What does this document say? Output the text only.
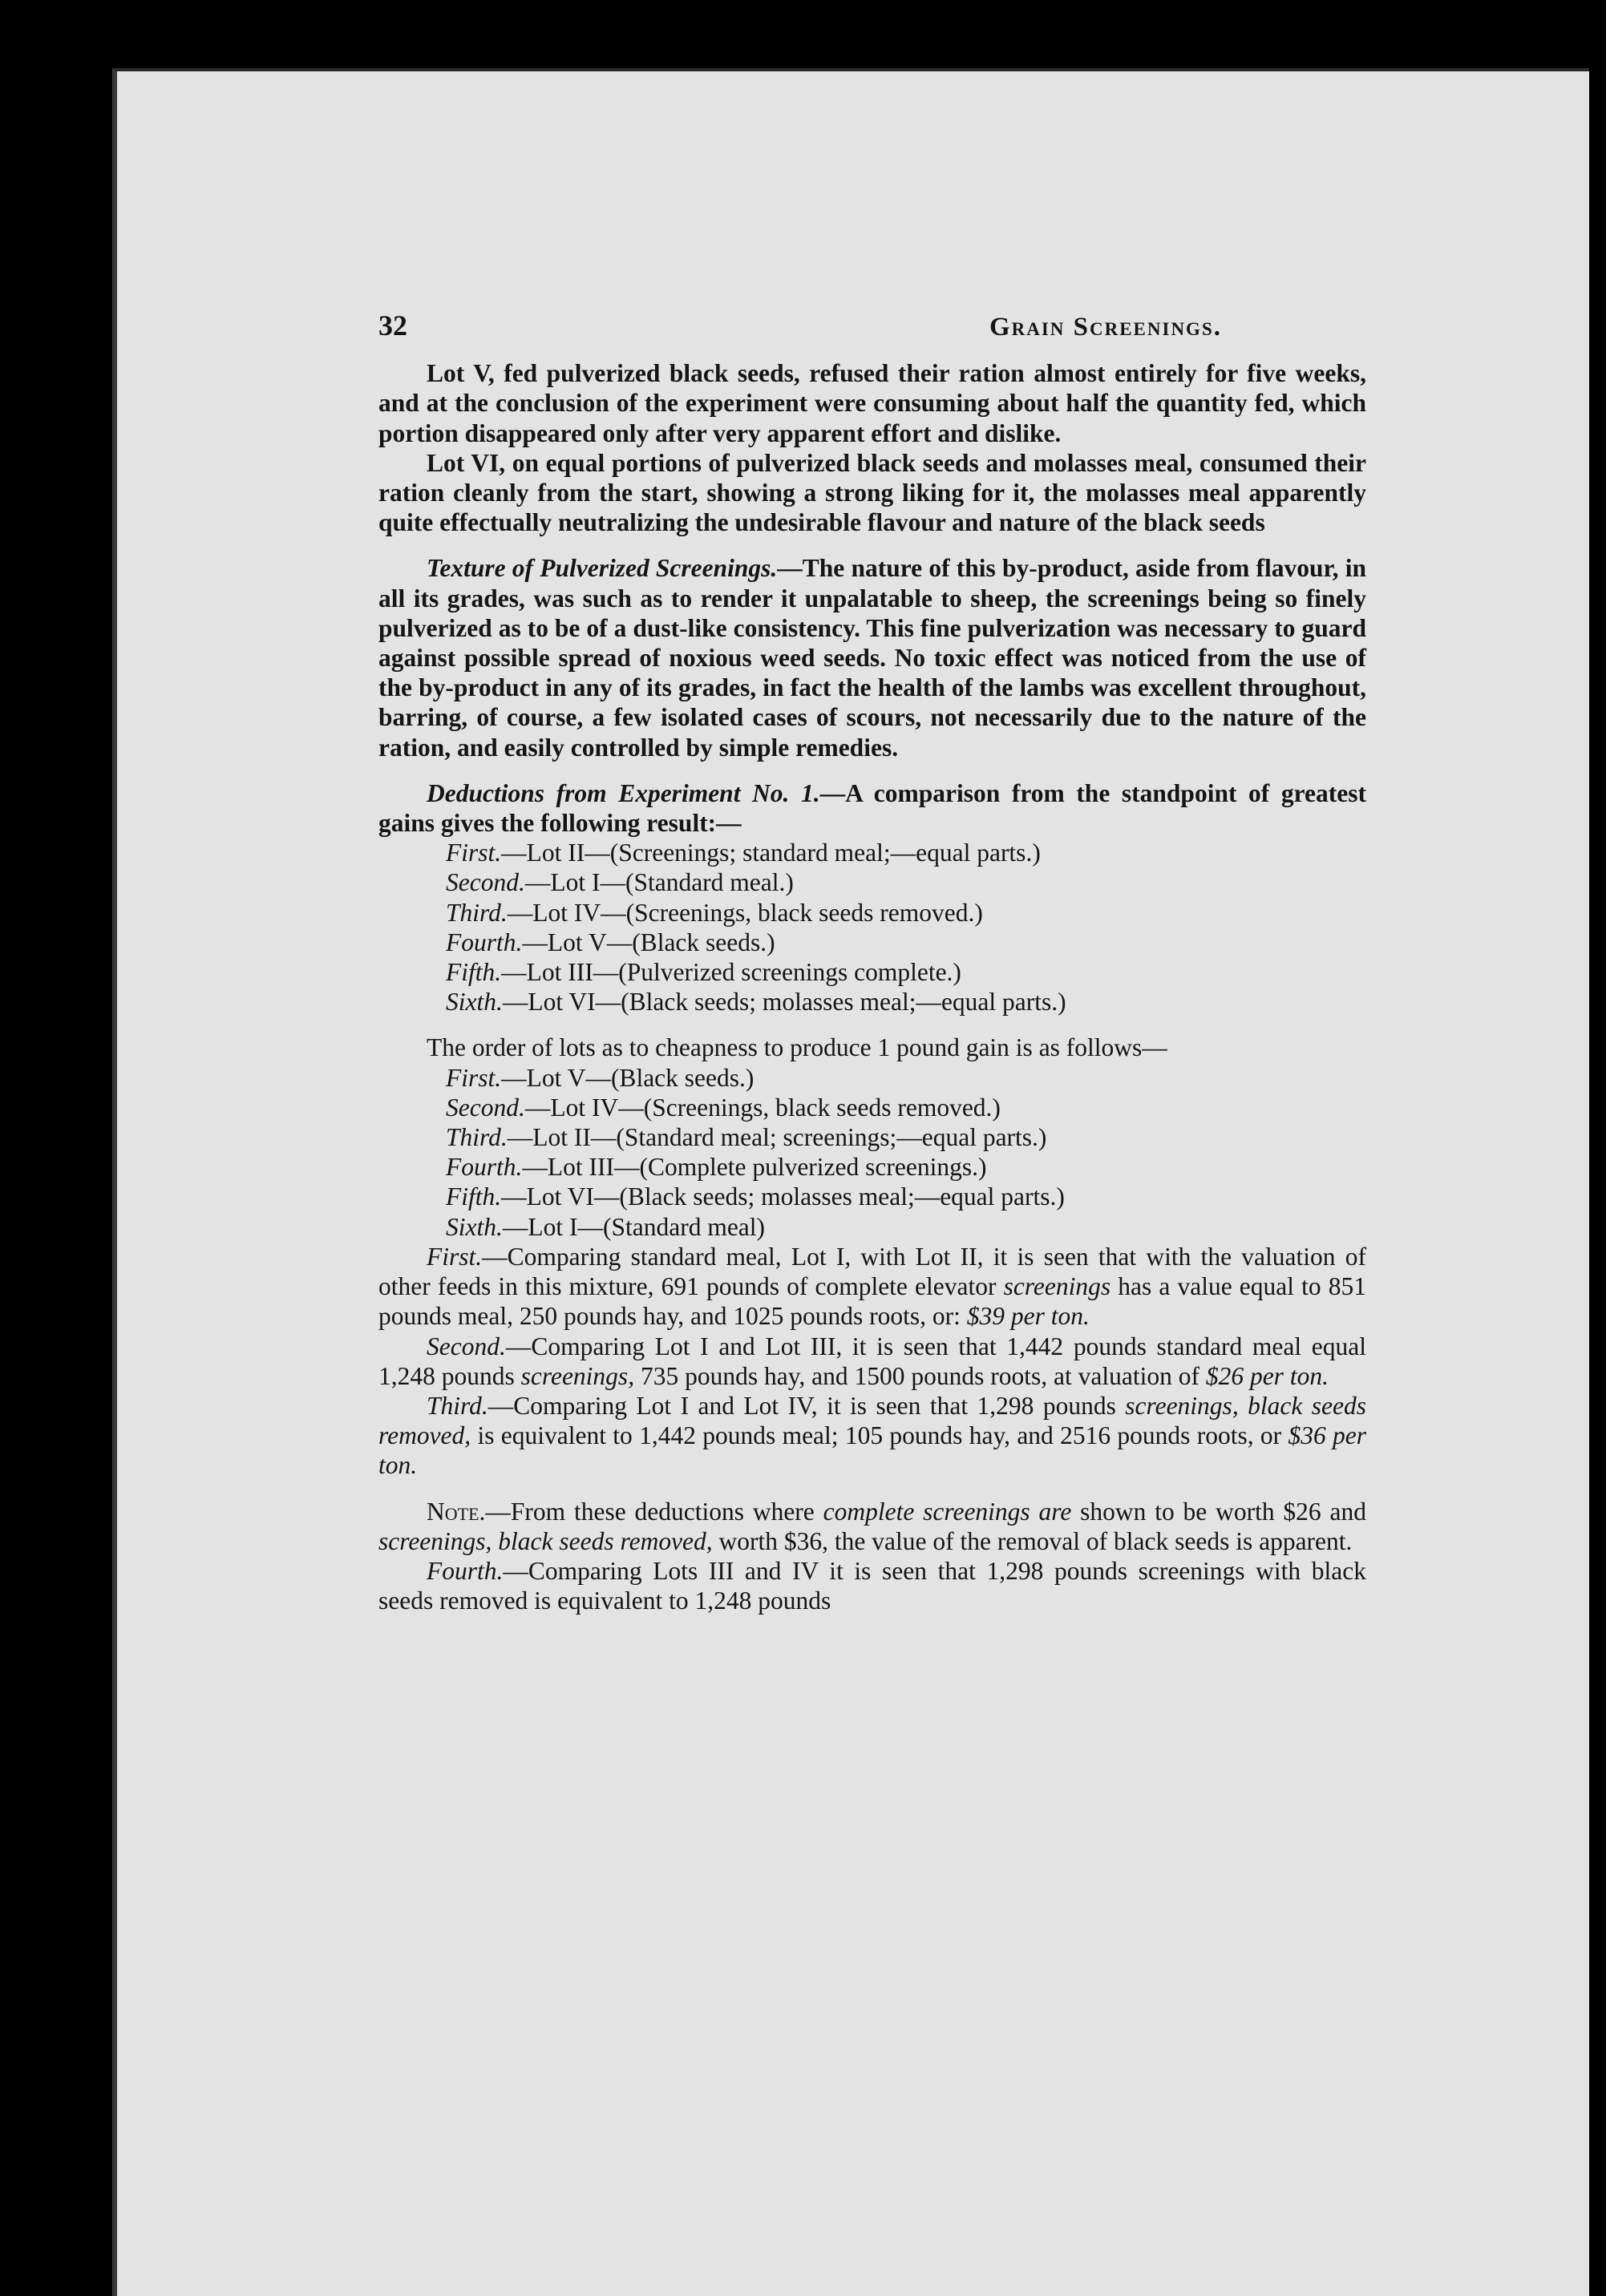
32	Grain Screenings.

Lot V, fed pulverized black seeds, refused their ration almost entirely for five weeks, and at the conclusion of the experiment were consuming about half the quantity fed, which portion disappeared only after very apparent effort and dislike.

Lot VI, on equal portions of pulverized black seeds and molasses meal, consumed their ration cleanly from the start, showing a strong liking for it, the molasses meal apparently quite effectually neutralizing the undesirable flavour and nature of the black seeds

Texture of Pulverized Screenings.—The nature of this by-product, aside from flavour, in all its grades, was such as to render it unpalatable to sheep, the screenings being so finely pulverized as to be of a dust-like consistency. This fine pulverization was necessary to guard against possible spread of noxious weed seeds. No toxic effect was noticed from the use of the by-product in any of its grades, in fact the health of the lambs was excellent throughout, barring, of course, a few isolated cases of scours, not necessarily due to the nature of the ration, and easily controlled by simple remedies.

Deductions from Experiment No. 1.—A comparison from the standpoint of greatest gains gives the following result:—

First.—Lot II—(Screenings; standard meal;—equal parts.)
Second.—Lot I—(Standard meal.)
Third.—Lot IV—(Screenings, black seeds removed.)
Fourth.—Lot V—(Black seeds.)
Fifth.—Lot III—(Pulverized screenings complete.)
Sixth.—Lot VI—(Black seeds; molasses meal;—equal parts.)

The order of lots as to cheapness to produce 1 pound gain is as follows—

First.—Lot V—(Black seeds.)
Second.—Lot IV—(Screenings, black seeds removed.)
Third.—Lot II—(Standard meal; screenings;—equal parts.)
Fourth.—Lot III—(Complete pulverized screenings.)
Fifth.—Lot VI—(Black seeds; molasses meal;—equal parts.)
Sixth.—Lot I—(Standard meal)

First.—Comparing standard meal, Lot I, with Lot II, it is seen that with the valuation of other feeds in this mixture, 691 pounds of complete elevator screenings has a value equal to 851 pounds meal, 250 pounds hay, and 1025 pounds roots, or: $39 per ton.

Second.—Comparing Lot I and Lot III, it is seen that 1,442 pounds standard meal equal 1,248 pounds screenings, 735 pounds hay, and 1500 pounds roots, at valuation of $26 per ton.

Third.—Comparing Lot I and Lot IV, it is seen that 1,298 pounds screenings, black seeds removed, is equivalent to 1,442 pounds meal; 105 pounds hay, and 2516 pounds roots, or $36 per ton.

Note.—From these deductions where complete screenings are shown to be worth $26 and screenings, black seeds removed, worth $36, the value of the removal of black seeds is apparent.

Fourth.—Comparing Lots III and IV it is seen that 1,298 pounds screenings with black seeds removed is equivalent to 1,248 pounds
